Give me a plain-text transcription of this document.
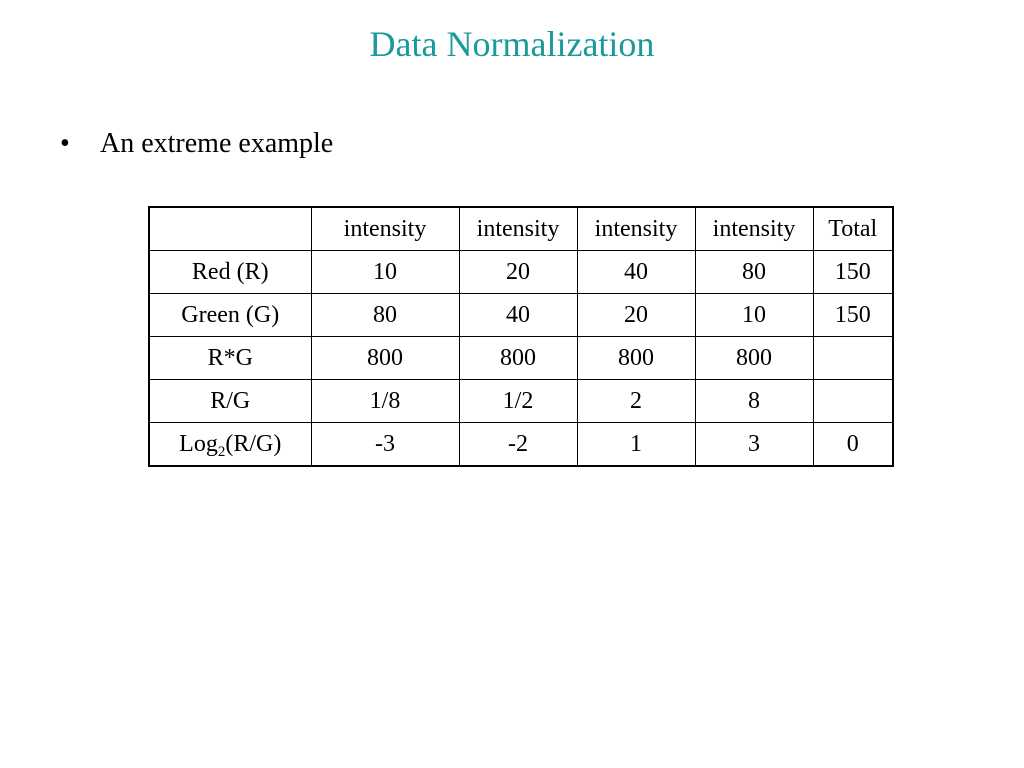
Data Normalization
• An extreme example
	intensity	intensity	intensity	intensity	Total
Red (R)	10	20	40	80	150
Green (G)	80	40	20	10	150
R*G	800	800	800	800	
R/G	1/8	1/2	2	8	
Log$_2$(R/G)	-3	-2	1	3	0
